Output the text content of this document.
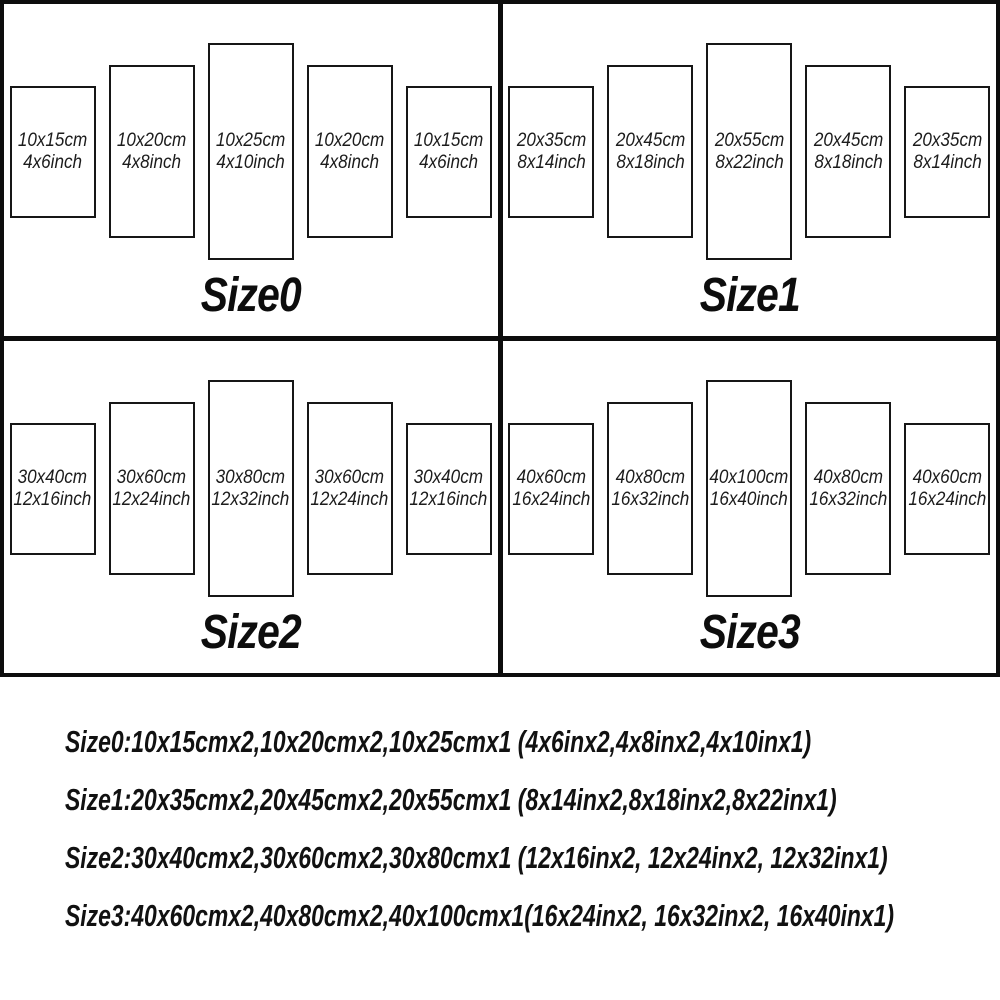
10x15cm
4x6inch
10x20cm
4x8inch
10x25cm
4x10inch
10x20cm
4x8inch
10x15cm
4x6inch
Size0
20x35cm
8x14inch
20x45cm
8x18inch
20x55cm
8x22inch
20x45cm
8x18inch
20x35cm
8x14inch
Size1
30x40cm
12x16inch
30x60cm
12x24inch
30x80cm
12x32inch
30x60cm
12x24inch
30x40cm
12x16inch
Size2
40x60cm
16x24inch
40x80cm
16x32inch
40x100cm
16x40inch
40x80cm
16x32inch
40x60cm
16x24inch
Size3
Size0:10x15cmx2,10x20cmx2,10x25cmx1 (4x6inx2,4x8inx2,4x10inx1)
Size1:20x35cmx2,20x45cmx2,20x55cmx1 (8x14inx2,8x18inx2,8x22inx1)
Size2:30x40cmx2,30x60cmx2,30x80cmx1 (12x16inx2, 12x24inx2, 12x32inx1)
Size3:40x60cmx2,40x80cmx2,40x100cmx1(16x24inx2, 16x32inx2, 16x40inx1)
